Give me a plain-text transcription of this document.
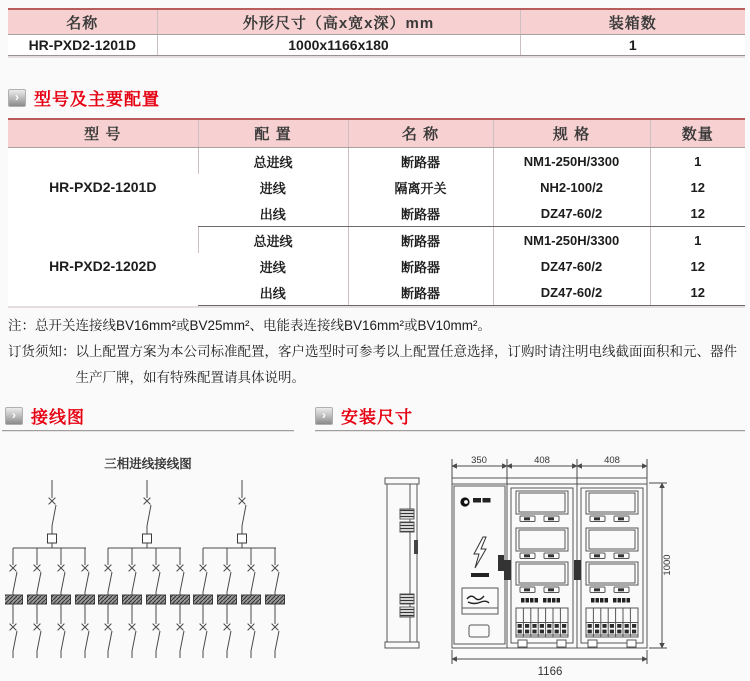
名称	外形尺寸（高x宽x深）mm	装箱数
HR-PXD2-1201D	1000x1166x180	1
› 型号及主要配置
型 号	配 置	名 称	规 格	数量
HR-PXD2-1201D	总进线	断路器	NM1-250H/3300	1
	进线	隔离开关	NH2-100/2	12
	出线	断路器	DZ47-60/2	12
HR-PXD2-1202D	总进线	断路器	NM1-250H/3300	1
	进线	断路器	DZ47-60/2	12
	出线	断路器	DZ47-60/2	12
注：总开关连接线BV16mm²或BV25mm²、电能表连接线BV16mm²或BV10mm²。
订货须知： 以上配置方案为本公司标准配置，客户选型时可参考以上配置任意选择，订购时请注明电线截面面积和元、器件生产厂牌，如有特殊配置请具体说明。
› 接线图	› 安装尺寸
三相进线接线图	350	408	408
1000
1166
